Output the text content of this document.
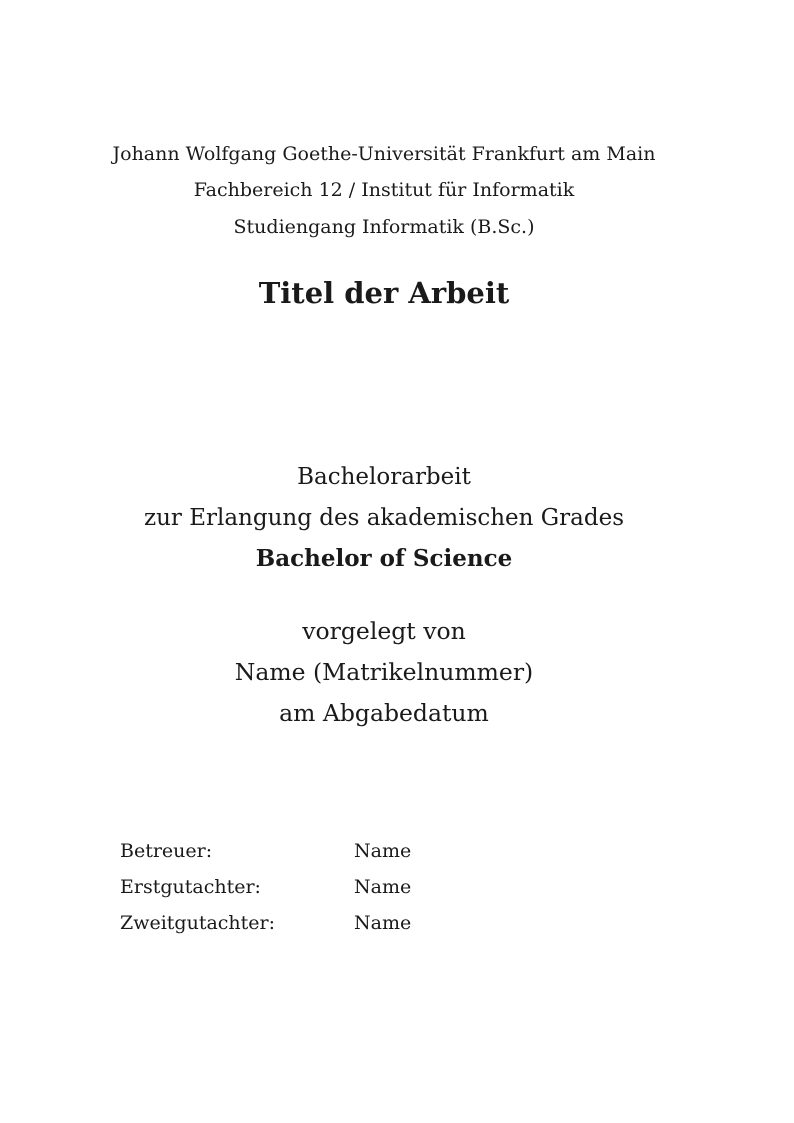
Johann Wolfgang Goethe-Universität Frankfurt am Main
Fachbereich 12 / Institut für Informatik
Studiengang Informatik (B.Sc.)
Titel der Arbeit
Bachelorarbeit
zur Erlangung des akademischen Grades
Bachelor of Science
vorgelegt von
Name (Matrikelnummer)
am Abgabedatum
Betreuer:	Name
Erstgutachter:	Name
Zweitgutachter:	Name
